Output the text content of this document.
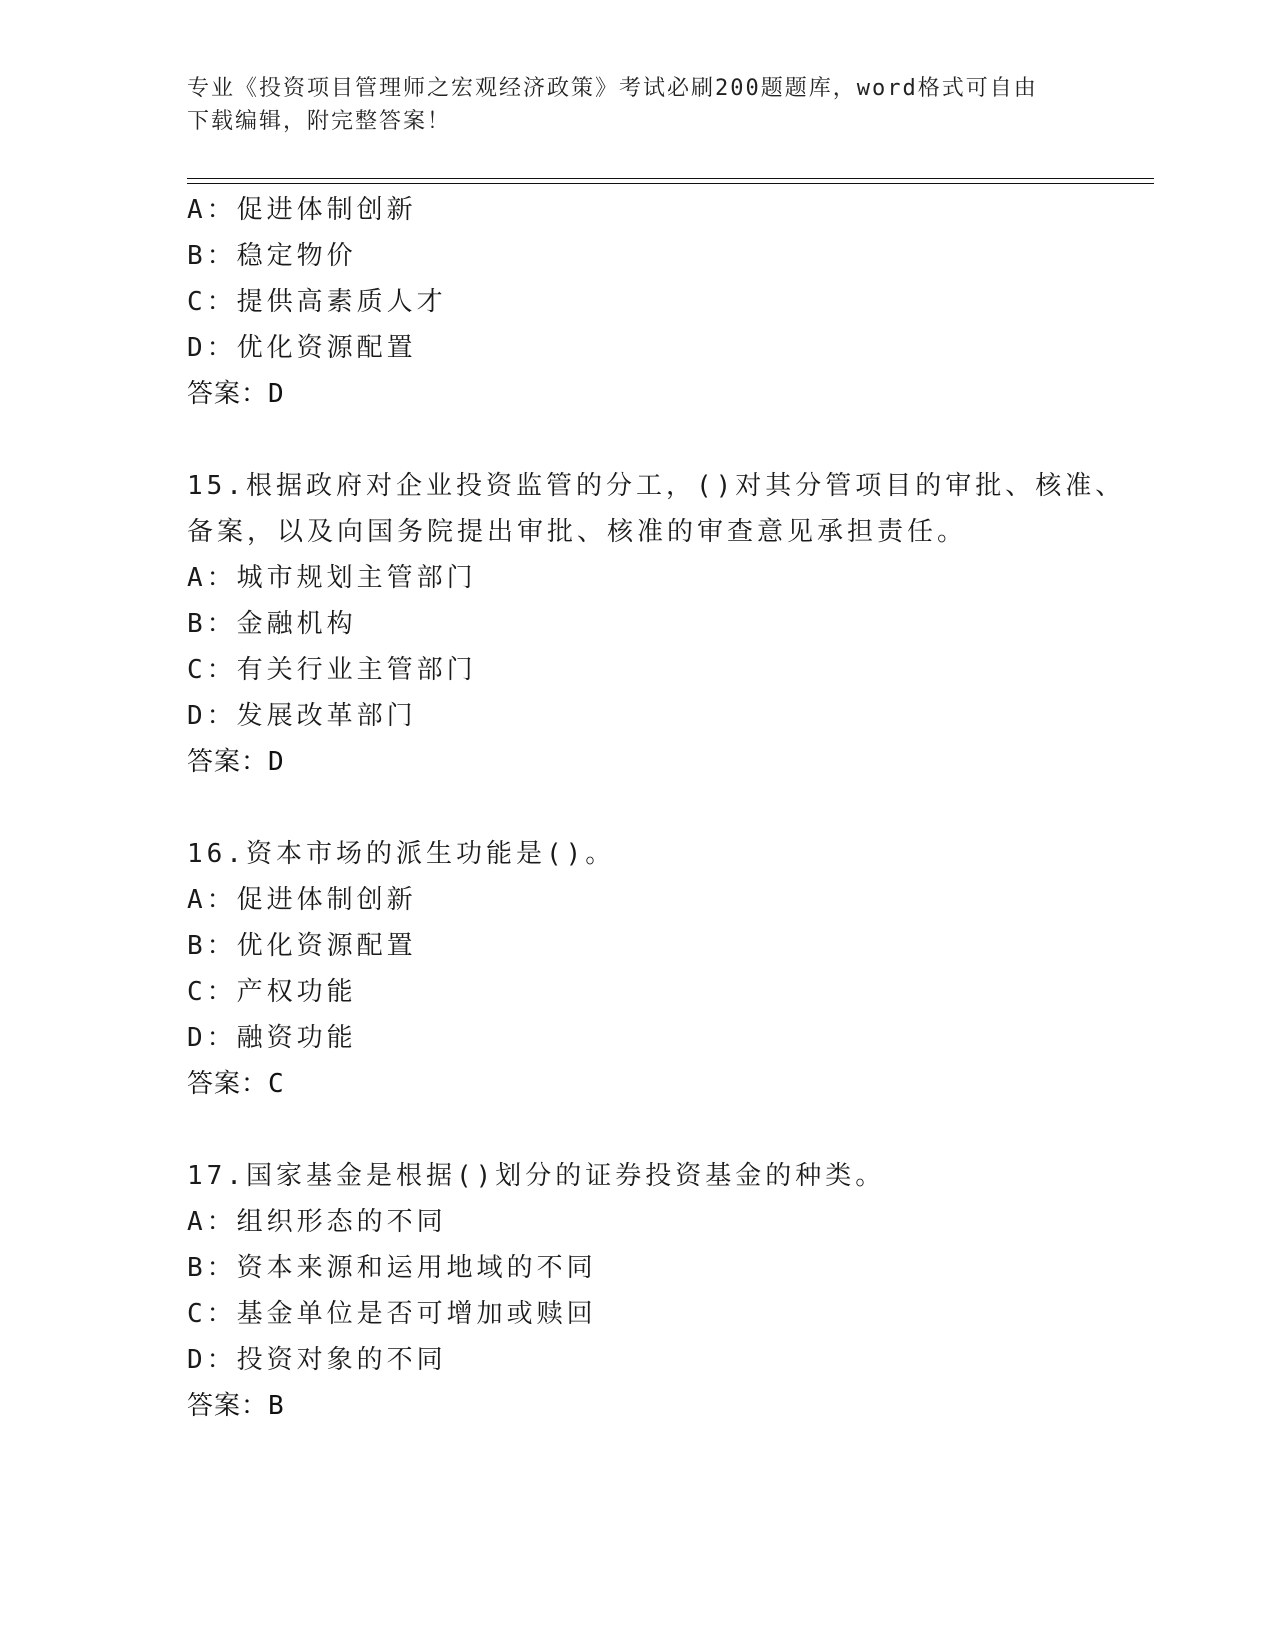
专业《投资项目管理师之宏观经济政策》考试必刷200题题库，word格式可自由
下载编辑，附完整答案！
A：促进体制创新
B：稳定物价
C：提供高素质人才
D：优化资源配置
答案：D
15.根据政府对企业投资监管的分工，()对其分管项目的审批、核准、
备案，以及向国务院提出审批、核准的审查意见承担责任。
A：城市规划主管部门
B：金融机构
C：有关行业主管部门
D：发展改革部门
答案：D
16.资本市场的派生功能是()。
A：促进体制创新
B：优化资源配置
C：产权功能
D：融资功能
答案：C
17.国家基金是根据()划分的证券投资基金的种类。
A：组织形态的不同
B：资本来源和运用地域的不同
C：基金单位是否可增加或赎回
D：投资对象的不同
答案：B
